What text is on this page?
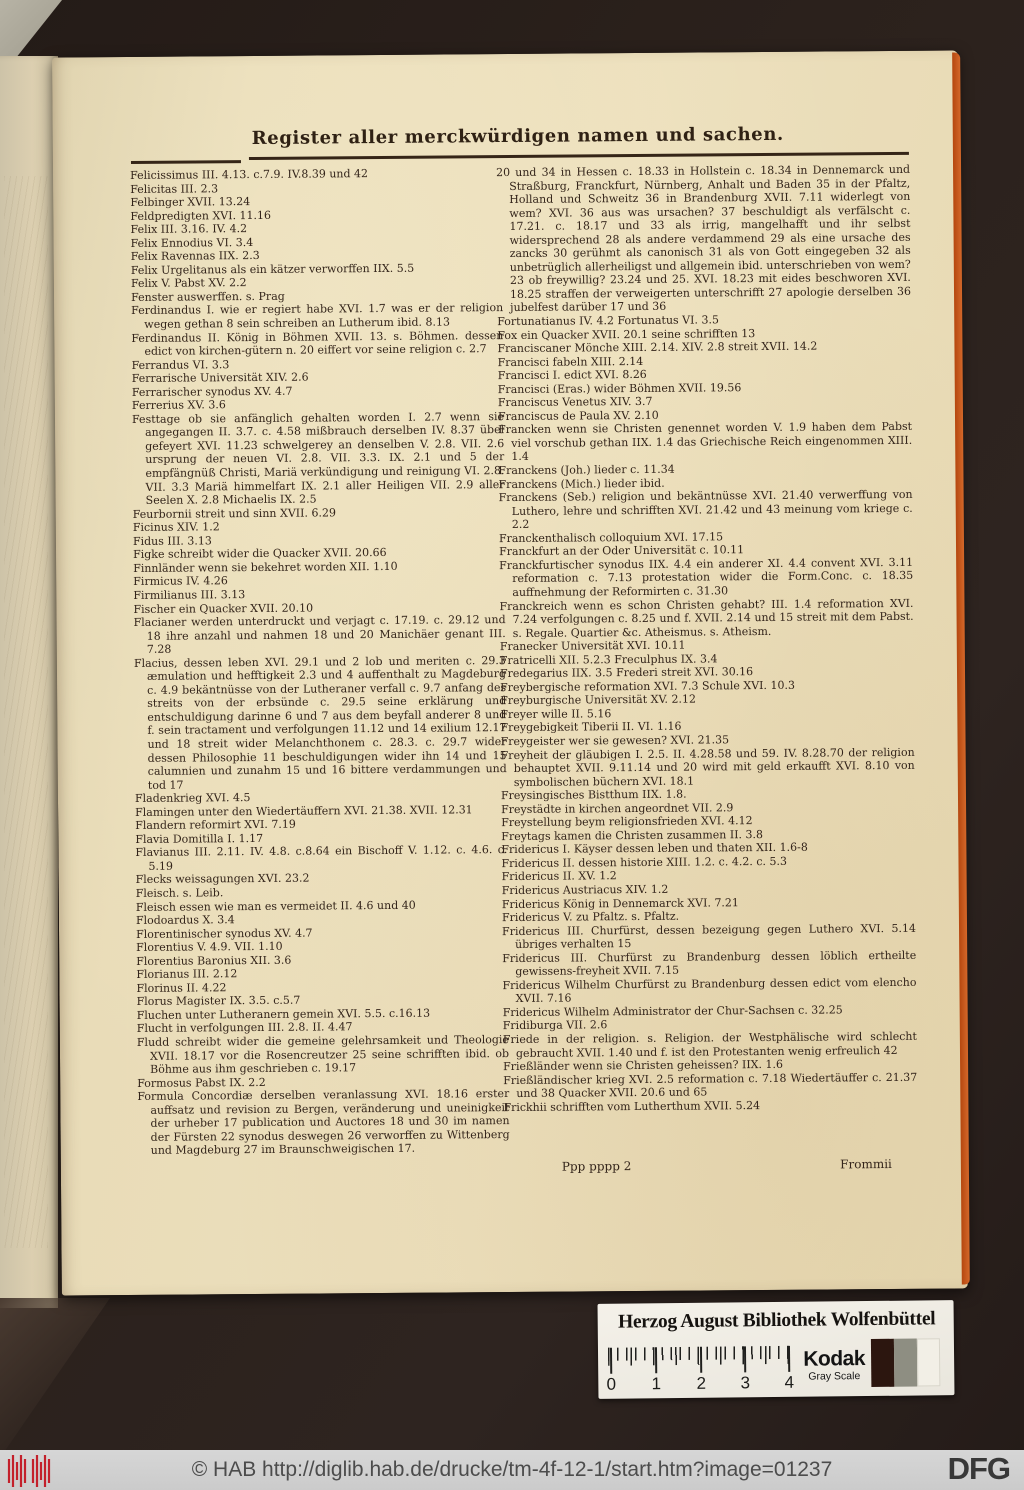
Register aller merckwürdigen namen und sachen.

Felicissimus III. 4.13. c.7.9. IV.8.39 und 42

Felicitas III. 2.3

Felbinger XVII. 13.24

Feldpredigten XVI. 11.16

Felix III. 3.16. IV. 4.2

Felix Ennodius VI. 3.4

Felix Ravennas IIX. 2.3

Felix Urgelitanus als ein kätzer verworffen IIX. 5.5

Felix V. Pabst XV. 2.2

Fenster auswerffen. s. Prag

Ferdinandus I. wie er regiert habe XVI. 1.7 was er der religion wegen gethan 8 sein schreiben an Lutherum ibid. 8.13

Ferdinandus II. König in Böhmen XVII. 13. s. Böhmen. dessen edict von kirchen-gütern n. 20 eiffert vor seine religion c. 2.7

Ferrandus VI. 3.3

Ferrarische Universität XIV. 2.6

Ferrarischer synodus XV. 4.7

Ferrerius XV. 3.6

Festtage ob sie anfänglich gehalten worden I. 2.7 wenn sie angegangen II. 3.7. c. 4.58 mißbrauch derselben IV. 8.37 übel gefeyert XVI. 11.23 schwelgerey an denselben V. 2.8. VII. 2.6 ursprung der neuen VI. 2.8. VII. 3.3. IX. 2.1 und 5 der empfängnüß Christi, Mariä verkündigung und reinigung VI. 2.8. VII. 3.3 Mariä himmelfart IX. 2.1 aller Heiligen VII. 2.9 aller Seelen X. 2.8 Michaelis IX. 2.5

Feurbornii streit und sinn XVII. 6.29

Ficinus XIV. 1.2

Fidus III. 3.13

Figke schreibt wider die Quacker XVII. 20.66

Finnländer wenn sie bekehret worden XII. 1.10

Firmicus IV. 4.26

Firmilianus III. 3.13

Fischer ein Quacker XVII. 20.10

Flacianer werden unterdruckt und verjagt c. 17.19. c. 29.12 und 18 ihre anzahl und nahmen 18 und 20 Manichäer genant III. 7.28

Flacius, dessen leben XVI. 29.1 und 2 lob und meriten c. 29.3 æmulation und hefftigkeit 2.3 und 4 auffenthalt zu Magdeburg c. 4.9 bekäntnüsse von der Lutheraner verfall c. 9.7 anfang des streits von der erbsünde c. 29.5 seine erklärung und entschuldigung darinne 6 und 7 aus dem beyfall anderer 8 und f. sein tractament und verfolgungen 11.12 und 14 exilium 12.17 und 18 streit wider Melanchthonem c. 28.3. c. 29.7 wider dessen Philosophie 11 beschuldigungen wider ihn 14 und 15 calumnien und zunahm 15 und 16 bittere verdammungen und tod 17

Fladenkrieg XVI. 4.5

Flamingen unter den Wiedertäuffern XVI. 21.38. XVII. 12.31

Flandern reformirt XVI. 7.19

Flavia Domitilla I. 1.17

Flavianus III. 2.11. IV. 4.8. c.8.64 ein Bischoff V. 1.12. c. 4.6. c. 5.19

Flecks weissagungen XVI. 23.2

Fleisch. s. Leib.

Fleisch essen wie man es vermeidet II. 4.6 und 40

Flodoardus X. 3.4

Florentinischer synodus XV. 4.7

Florentius V. 4.9. VII. 1.10

Florentius Baronius XII. 3.6

Florianus III. 2.12

Florinus II. 4.22

Florus Magister IX. 3.5. c.5.7

Fluchen unter Lutheranern gemein XVI. 5.5. c.16.13

Flucht in verfolgungen III. 2.8. II. 4.47

Fludd schreibt wider die gemeine gelehrsamkeit und Theologie XVII. 18.17 vor die Rosencreutzer 25 seine schrifften ibid. ob Böhme aus ihm geschrieben c. 19.17

Formosus Pabst IX. 2.2

Formula Concordiæ derselben veranlassung XVI. 18.16 erster auffsatz und revision zu Bergen, veränderung und uneinigkeit der urheber 17 publication und Auctores 18 und 30 im namen der Fürsten 22 synodus deswegen 26 verworffen zu Wittenberg und Magdeburg 27 im Braunschweigischen 17.

20 und 34 in Hessen c. 18.33 in Hollstein c. 18.34 in Dennemarck und Straßburg, Franckfurt, Nürnberg, Anhalt und Baden 35 in der Pfaltz, Holland und Schweitz 36 in Brandenburg XVII. 7.11 widerlegt von wem? XVI. 36 aus was ursachen? 37 beschuldigt als verfälscht c. 17.21. c. 18.17 und 33 als irrig, mangelhafft und ihr selbst widersprechend 28 als andere verdammend 29 als eine ursache des zancks 30 gerühmt als canonisch 31 als von Gott eingegeben 32 als unbetrüglich allerheiligst und allgemein ibid. unterschrieben von wem? 23 ob freywillig? 23.24 und 25. XVI. 18.23 mit eides beschworen XVI. 18.25 straffen der verweigerten unterschrifft 27 apologie derselben 36 jubelfest darüber 17 und 36

Fortunatianus IV. 4.2 Fortunatus VI. 3.5

Fox ein Quacker XVII. 20.1 seine schrifften 13

Franciscaner Mönche XIII. 2.14. XIV. 2.8 streit XVII. 14.2

Francisci fabeln XIII. 2.14

Francisci I. edict XVI. 8.26

Francisci (Eras.) wider Böhmen XVII. 19.56

Franciscus Venetus XIV. 3.7

Franciscus de Paula XV. 2.10

Francken wenn sie Christen genennet worden V. 1.9 haben dem Pabst viel vorschub gethan IIX. 1.4 das Griechische Reich eingenommen XIII. 1.4

Franckens (Joh.) lieder c. 11.34

Franckens (Mich.) lieder ibid.

Franckens (Seb.) religion und bekäntnüsse XVI. 21.40 verwerffung von Luthero, lehre und schrifften XVI. 21.42 und 43 meinung vom kriege c. 2.2

Franckenthalisch colloquium XVI. 17.15

Franckfurt an der Oder Universität c. 10.11

Franckfurtischer synodus IIX. 4.4 ein anderer XI. 4.4 convent XVI. 3.11 reformation c. 7.13 protestation wider die Form.Conc. c. 18.35 auffnehmung der Reformirten c. 31.30

Franckreich wenn es schon Christen gehabt? III. 1.4 reformation XVI. 7.24 verfolgungen c. 8.25 und f. XVII. 2.14 und 15 streit mit dem Pabst. s. Regale. Quartier &c. Atheismus. s. Atheism.

Franecker Universität XVI. 10.11

Fratricelli XII. 5.2.3 Freculphus IX. 3.4

Fredegarius IIX. 3.5 Frederi streit XVI. 30.16

Freybergische reformation XVI. 7.3 Schule XVI. 10.3

Freyburgische Universität XV. 2.12

Freyer wille II. 5.16

Freygebigkeit Tiberii II. VI. 1.16

Freygeister wer sie gewesen? XVI. 21.35

Freyheit der gläubigen I. 2.5. II. 4.28.58 und 59. IV. 8.28.70 der religion behauptet XVII. 9.11.14 und 20 wird mit geld erkaufft XVI. 8.10 von symbolischen büchern XVI. 18.1

Freysingisches Bistthum IIX. 1.8.

Freystädte in kirchen angeordnet VII. 2.9

Freystellung beym religionsfrieden XVI. 4.12

Freytags kamen die Christen zusammen II. 3.8

Fridericus I. Käyser dessen leben und thaten XII. 1.6-8

Fridericus II. dessen historie XIII. 1.2. c. 4.2. c. 5.3

Fridericus II. XV. 1.2

Fridericus Austriacus XIV. 1.2

Fridericus König in Dennemarck XVI. 7.21

Fridericus V. zu Pfaltz. s. Pfaltz.

Fridericus III. Churfürst, dessen bezeigung gegen Luthero XVI. 5.14 übriges verhalten 15

Fridericus III. Churfürst zu Brandenburg dessen löblich ertheilte gewissens-freyheit XVII. 7.15

Fridericus Wilhelm Churfürst zu Brandenburg dessen edict vom elencho XVII. 7.16

Fridericus Wilhelm Administrator der Chur-Sachsen c. 32.25

Fridiburga VII. 2.6

Friede in der religion. s. Religion. der Westphälische wird schlecht gebraucht XVII. 1.40 und f. ist den Protestanten wenig erfreulich 42

Frießländer wenn sie Christen geheissen? IIX. 1.6

Frießländischer krieg XVI. 2.5 reformation c. 7.18 Wiedertäuffer c. 21.37 und 38 Quacker XVII. 20.6 und 65

Frickhii schrifften vom Lutherthum XVII. 5.24

Ppp pppp 2	Frommii
Herzog August Bibliothek Wolfenbüttel
0	1	2	3	4
Kodak
Gray Scale
© HAB http://diglib.hab.de/drucke/tm-4f-12-1/start.htm?image=01237	DFG
